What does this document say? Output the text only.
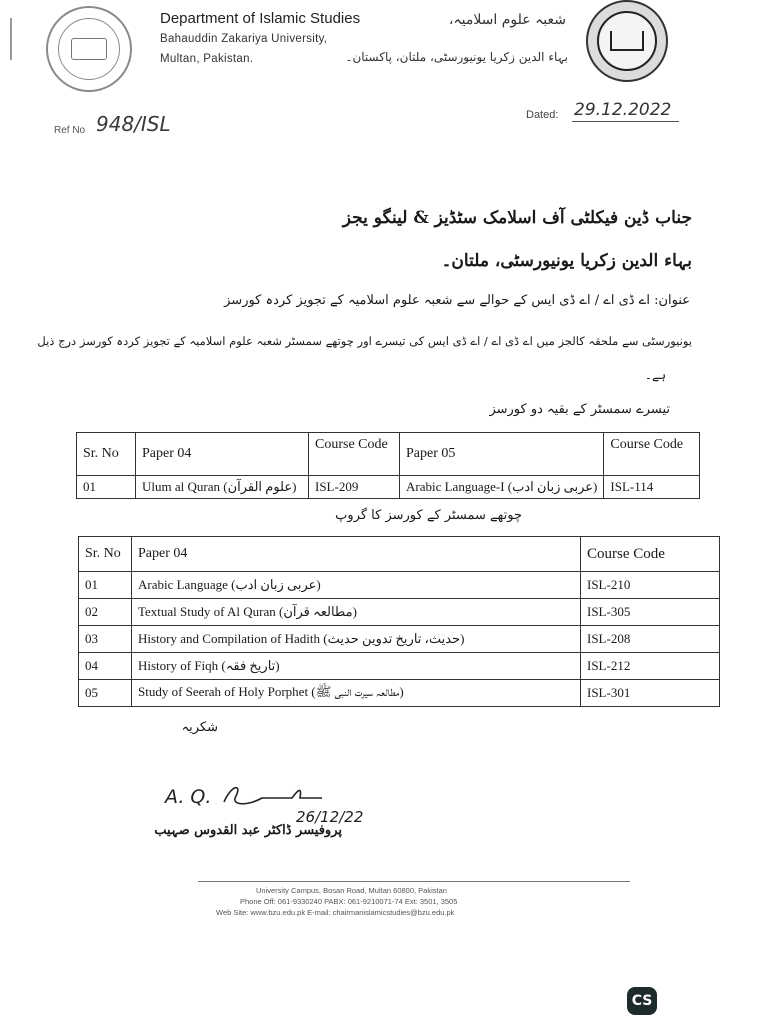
Department of Islamic Studies
Bahauddin Zakariya University,
Multan, Pakistan.
شعبہ علوم اسلامیہ،
بہاء الدین زکریا یونیورسٹی، ملتان، پاکستان۔
Ref No 948/ISL	Dated: 29.12.2022
جناب ڈین فیکلٹی آف اسلامک سٹڈیز & لینگو یجز
بہاء الدین زکریا یونیورسٹی، ملتان۔
عنوان: اے ڈی اے / اے ڈی ایس کے حوالے سے شعبہ علوم اسلامیہ کے تجویز کردہ کورسز
یونیورسٹی سے ملحقہ کالجز میں اے ڈی اے / اے ڈی ایس کی تیسرے اور چوتھے سمسٹر شعبہ علوم اسلامیہ کے تجویز کردہ کورسز درج ذیل
ہے۔
تیسرے سمسٹر کے بقیہ دو کورسز
Sr. No	Paper 04	Course Code	Paper 05	Course Code
01	Ulum al Quran (علوم القرآن)	ISL-209	Arabic Language-I (عربی زبان ادب)	ISL-114
چوتھے سمسٹر کے کورسز کا گروپ
Sr. No	Paper 04	Course Code
01	Arabic Language (عربی زبان ادب)	ISL-210
02	Textual Study of Al Quran (مطالعہ قرآن)	ISL-305
03	History and Compilation of Hadith (حدیث، تاریخ تدوین حدیث)	ISL-208
04	History of Fiqh (تاریخ فقہ)	ISL-212
05	Study of Seerah of Holy Porphet (مطالعہ سیرت النبی ﷺ)	ISL-301
شکریہ
A. Q.
26/12/22
پروفیسر ڈاکٹر عبد القدوس صہیب
University Campus, Bosan Road, Multan 60800, Pakistan
Phone Off: 061-9330240 PABX: 061-9210071-74 Ext: 3501, 3505
Web Site: www.bzu.edu.pk E-mail: chairmanislamicstudies@bzu.edu.pk
CS
